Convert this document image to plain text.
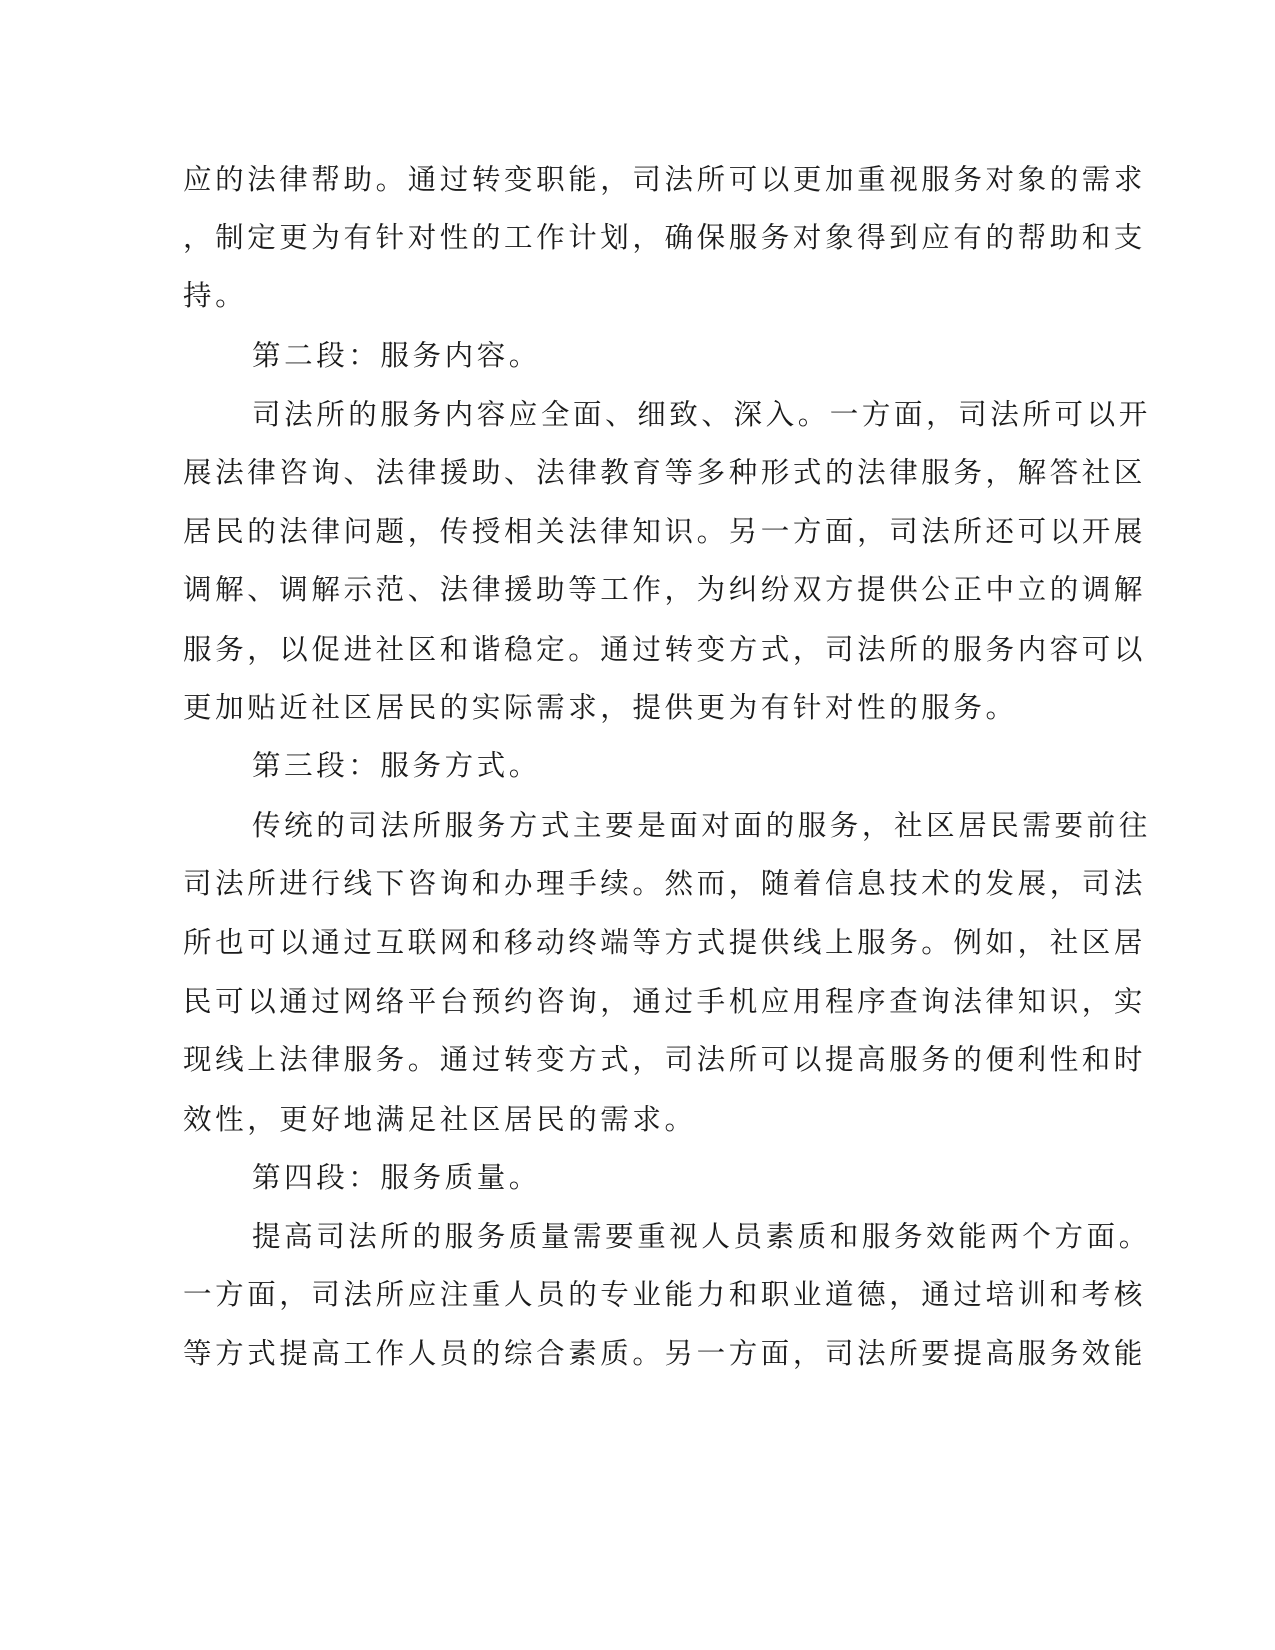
应的法律帮助。通过转变职能，司法所可以更加重视服务对象的需求
，制定更为有针对性的工作计划，确保服务对象得到应有的帮助和支
持。
第二段：服务内容。
司法所的服务内容应全面、细致、深入。一方面，司法所可以开
展法律咨询、法律援助、法律教育等多种形式的法律服务，解答社区
居民的法律问题，传授相关法律知识。另一方面，司法所还可以开展
调解、调解示范、法律援助等工作，为纠纷双方提供公正中立的调解
服务，以促进社区和谐稳定。通过转变方式，司法所的服务内容可以
更加贴近社区居民的实际需求，提供更为有针对性的服务。
第三段：服务方式。
传统的司法所服务方式主要是面对面的服务，社区居民需要前往
司法所进行线下咨询和办理手续。然而，随着信息技术的发展，司法
所也可以通过互联网和移动终端等方式提供线上服务。例如，社区居
民可以通过网络平台预约咨询，通过手机应用程序查询法律知识，实
现线上法律服务。通过转变方式，司法所可以提高服务的便利性和时
效性，更好地满足社区居民的需求。
第四段：服务质量。
提高司法所的服务质量需要重视人员素质和服务效能两个方面。
一方面，司法所应注重人员的专业能力和职业道德，通过培训和考核
等方式提高工作人员的综合素质。另一方面，司法所要提高服务效能
